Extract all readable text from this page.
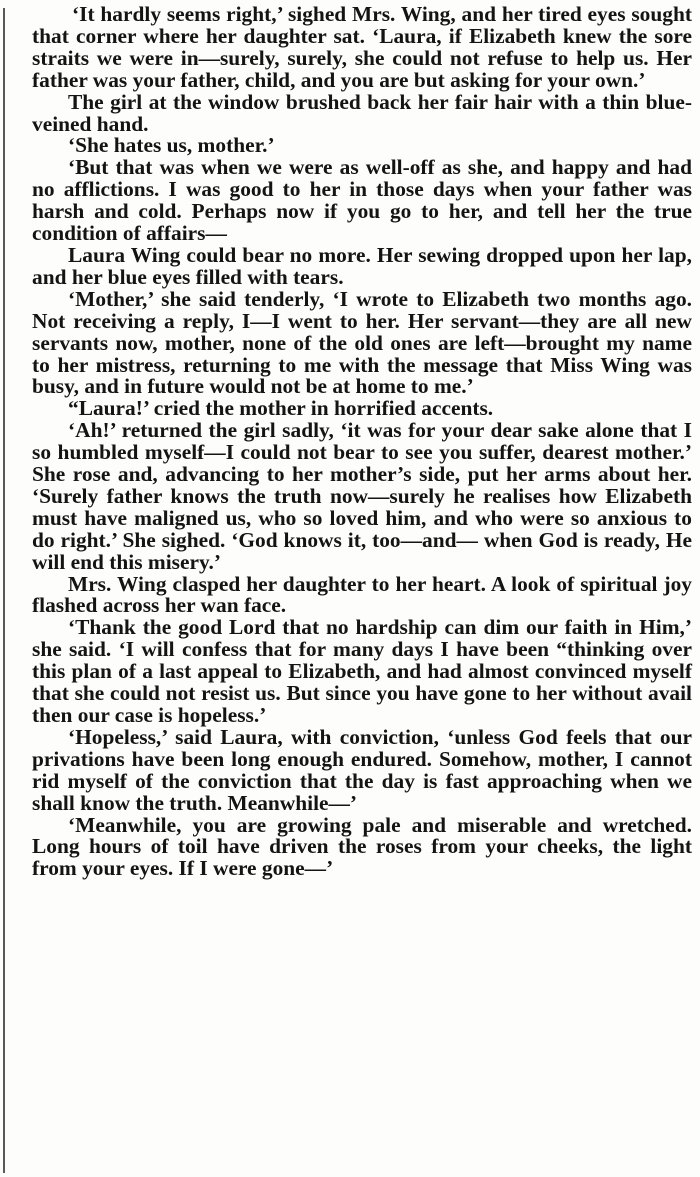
‘It hardly seems right,’ sighed Mrs. Wing, and her tired eyes sought that corner where her daughter sat. ‘Laura, if Elizabeth knew the sore straits we were in—surely, surely, she could not refuse to help us. Her father was your father, child, and you are but asking for your own.’

The girl at the window brushed back her fair hair with a thin blue-veined hand.

‘She hates us, mother.’

‘But that was when we were as well-off as she, and happy and had no afflictions. I was good to her in those days when your father was harsh and cold. Perhaps now if you go to her, and tell her the true condition of affairs—

Laura Wing could bear no more. Her sewing dropped upon her lap, and her blue eyes filled with tears.

‘Mother,’ she said tenderly, ‘I wrote to Elizabeth two months ago. Not receiving a reply, I—I went to her. Her servant—they are all new servants now, mother, none of the old ones are left—brought my name to her mistress, returning to me with the message that Miss Wing was busy, and in future would not be at home to me.’

“Laura!’ cried the mother in horrified accents.

‘Ah!’ returned the girl sadly, ‘it was for your dear sake alone that I so humbled myself—I could not bear to see you suffer, dearest mother.’ She rose and, advancing to her mother’s side, put her arms about her. ‘Surely father knows the truth now—surely he realises how Elizabeth must have maligned us, who so loved him, and who were so anxious to do right.’ She sighed. ‘God knows it, too—and— when God is ready, He will end this misery.’

Mrs. Wing clasped her daughter to her heart. A look of spiritual joy flashed across her wan face.

‘Thank the good Lord that no hardship can dim our faith in Him,’ she said. ‘I will confess that for many days I have been “thinking over this plan of a last appeal to Elizabeth, and had almost convinced myself that she could not resist us. But since you have gone to her without avail then our case is hopeless.’

‘Hopeless,’ said Laura, with conviction, ‘unless God feels that our privations have been long enough endured. Somehow, mother, I cannot rid myself of the conviction that the day is fast approaching when we shall know the truth. Meanwhile—’

‘Meanwhile, you are growing pale and miserable and wretched. Long hours of toil have driven the roses from your cheeks, the light from your eyes. If I were gone—’
